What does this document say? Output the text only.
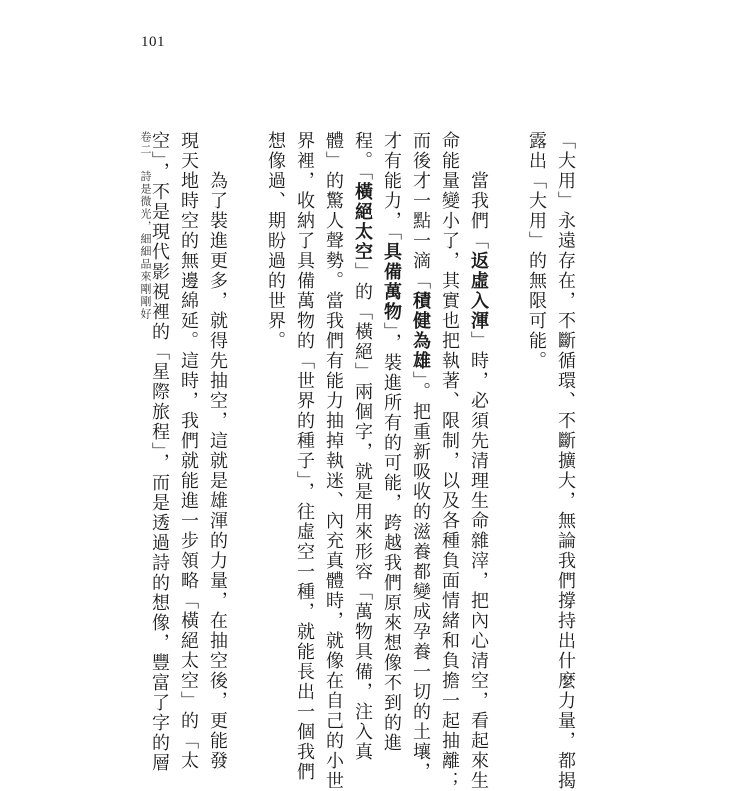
101
卷二 詩是微光，細細品來剛剛好	「大用」永遠存在，不斷循環、不斷擴大，無論我們撐持出什麼力量，都揭
露出「大用」的無限可能。
　　當我們「返虛入渾」時，必須先清理生命雜滓，把內心清空，看起來生
命能量變小了，其實也把執著、限制，以及各種負面情緒和負擔一起抽離；
而後才一點一滴「積健為雄」。把重新吸收的滋養都變成孕養一切的土壤，
才有能力，「具備萬物」，裝進所有的可能，跨越我們原來想像不到的進
程。「橫絕太空」的「橫絕」兩個字，就是用來形容「萬物具備，注入真
體」的驚人聲勢。當我們有能力抽掉執迷、內充真體時，就像在自己的小世
界裡，收納了具備萬物的「世界的種子」，往虛空一種，就能長出一個我們
想像過、期盼過的世界。
　　為了裝進更多，就得先抽空，這就是雄渾的力量，在抽空後，更能發
現天地時空的無邊綿延。這時，我們就能進一步領略「橫絕太空」的「太
空」，不是現代影視裡的「星際旅程」，而是透過詩的想像，豐富了字的層
